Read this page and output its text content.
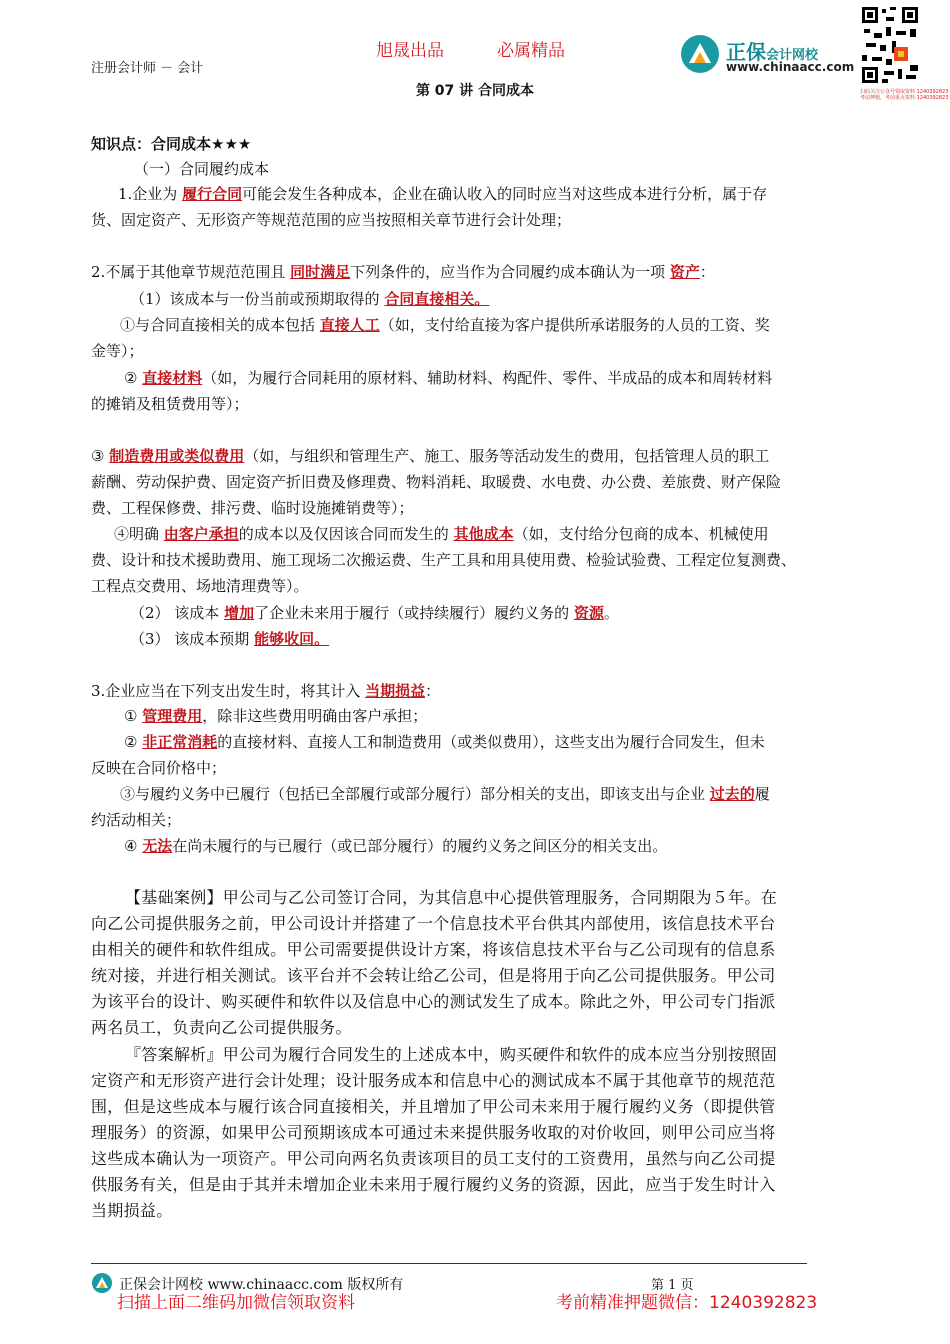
旭晟出品	必属精品
注册会计师 － 会计
第 07 讲 合同成本
正保会计网校
www.chinaacc.com
扫码关注公众号领取资料 1240392823
考前押题，考前重点资料 1240392823
知识点：合同成本★★★
（一）合同履约成本
1.企业为 履行合同可能会发生各种成本，企业在确认收入的同时应当对这些成本进行分析，属于存
货、固定资产、无形资产等规范范围的应当按照相关章节进行会计处理；
2.不属于其他章节规范范围且 同时满足下列条件的，应当作为合同履约成本确认为一项 资产：
（1）该成本与一份当前或预期取得的 合同直接相关。
①与合同直接相关的成本包括 直接人工（如，支付给直接为客户提供所承诺服务的人员的工资、奖
金等）；
② 直接材料（如，为履行合同耗用的原材料、辅助材料、构配件、零件、半成品的成本和周转材料
的摊销及租赁费用等）；
③ 制造费用或类似费用（如，与组织和管理生产、施工、服务等活动发生的费用，包括管理人员的职工
薪酬、劳动保护费、固定资产折旧费及修理费、物料消耗、取暖费、水电费、办公费、差旅费、财产保险
费、工程保修费、排污费、临时设施摊销费等）；
④明确 由客户承担的成本以及仅因该合同而发生的 其他成本（如，支付给分包商的成本、机械使用
费、设计和技术援助费用、施工现场二次搬运费、生产工具和用具使用费、检验试验费、工程定位复测费、
工程点交费用、场地清理费等）。
（2） 该成本 增加了企业未来用于履行（或持续履行）履约义务的 资源。
（3） 该成本预期 能够收回。
3.企业应当在下列支出发生时，将其计入 当期损益：
① 管理费用，除非这些费用明确由客户承担；
② 非正常消耗的直接材料、直接人工和制造费用（或类似费用），这些支出为履行合同发生，但未
反映在合同价格中；
③与履约义务中已履行（包括已全部履行或部分履行）部分相关的支出，即该支出与企业 过去的履
约活动相关；
④ 无法在尚未履行的与已履行（或已部分履行）的履约义务之间区分的相关支出。
【基础案例】甲公司与乙公司签订合同，为其信息中心提供管理服务，合同期限为５年。在
向乙公司提供服务之前，甲公司设计并搭建了一个信息技术平台供其内部使用，该信息技术平台
由相关的硬件和软件组成。甲公司需要提供设计方案，将该信息技术平台与乙公司现有的信息系
统对接，并进行相关测试。该平台并不会转让给乙公司，但是将用于向乙公司提供服务。甲公司
为该平台的设计、购买硬件和软件以及信息中心的测试发生了成本。除此之外，甲公司专门指派
两名员工，负责向乙公司提供服务。
『答案解析』甲公司为履行合同发生的上述成本中，购买硬件和软件的成本应当分别按照固
定资产和无形资产进行会计处理；设计服务成本和信息中心的测试成本不属于其他章节的规范范
围，但是这些成本与履行该合同直接相关，并且增加了甲公司未来用于履行履约义务（即提供管
理服务）的资源，如果甲公司预期该成本可通过未来提供服务收取的对价收回，则甲公司应当将
这些成本确认为一项资产。甲公司向两名负责该项目的员工支付的工资费用，虽然与向乙公司提
供服务有关，但是由于其并未增加企业未来用于履行履约义务的资源，因此，应当于发生时计入
当期损益。
正保会计网校 www.chinaacc.com 版权所有	第 1 页
扫描上面二维码加微信领取资料	考前精准押题微信：1240392823
